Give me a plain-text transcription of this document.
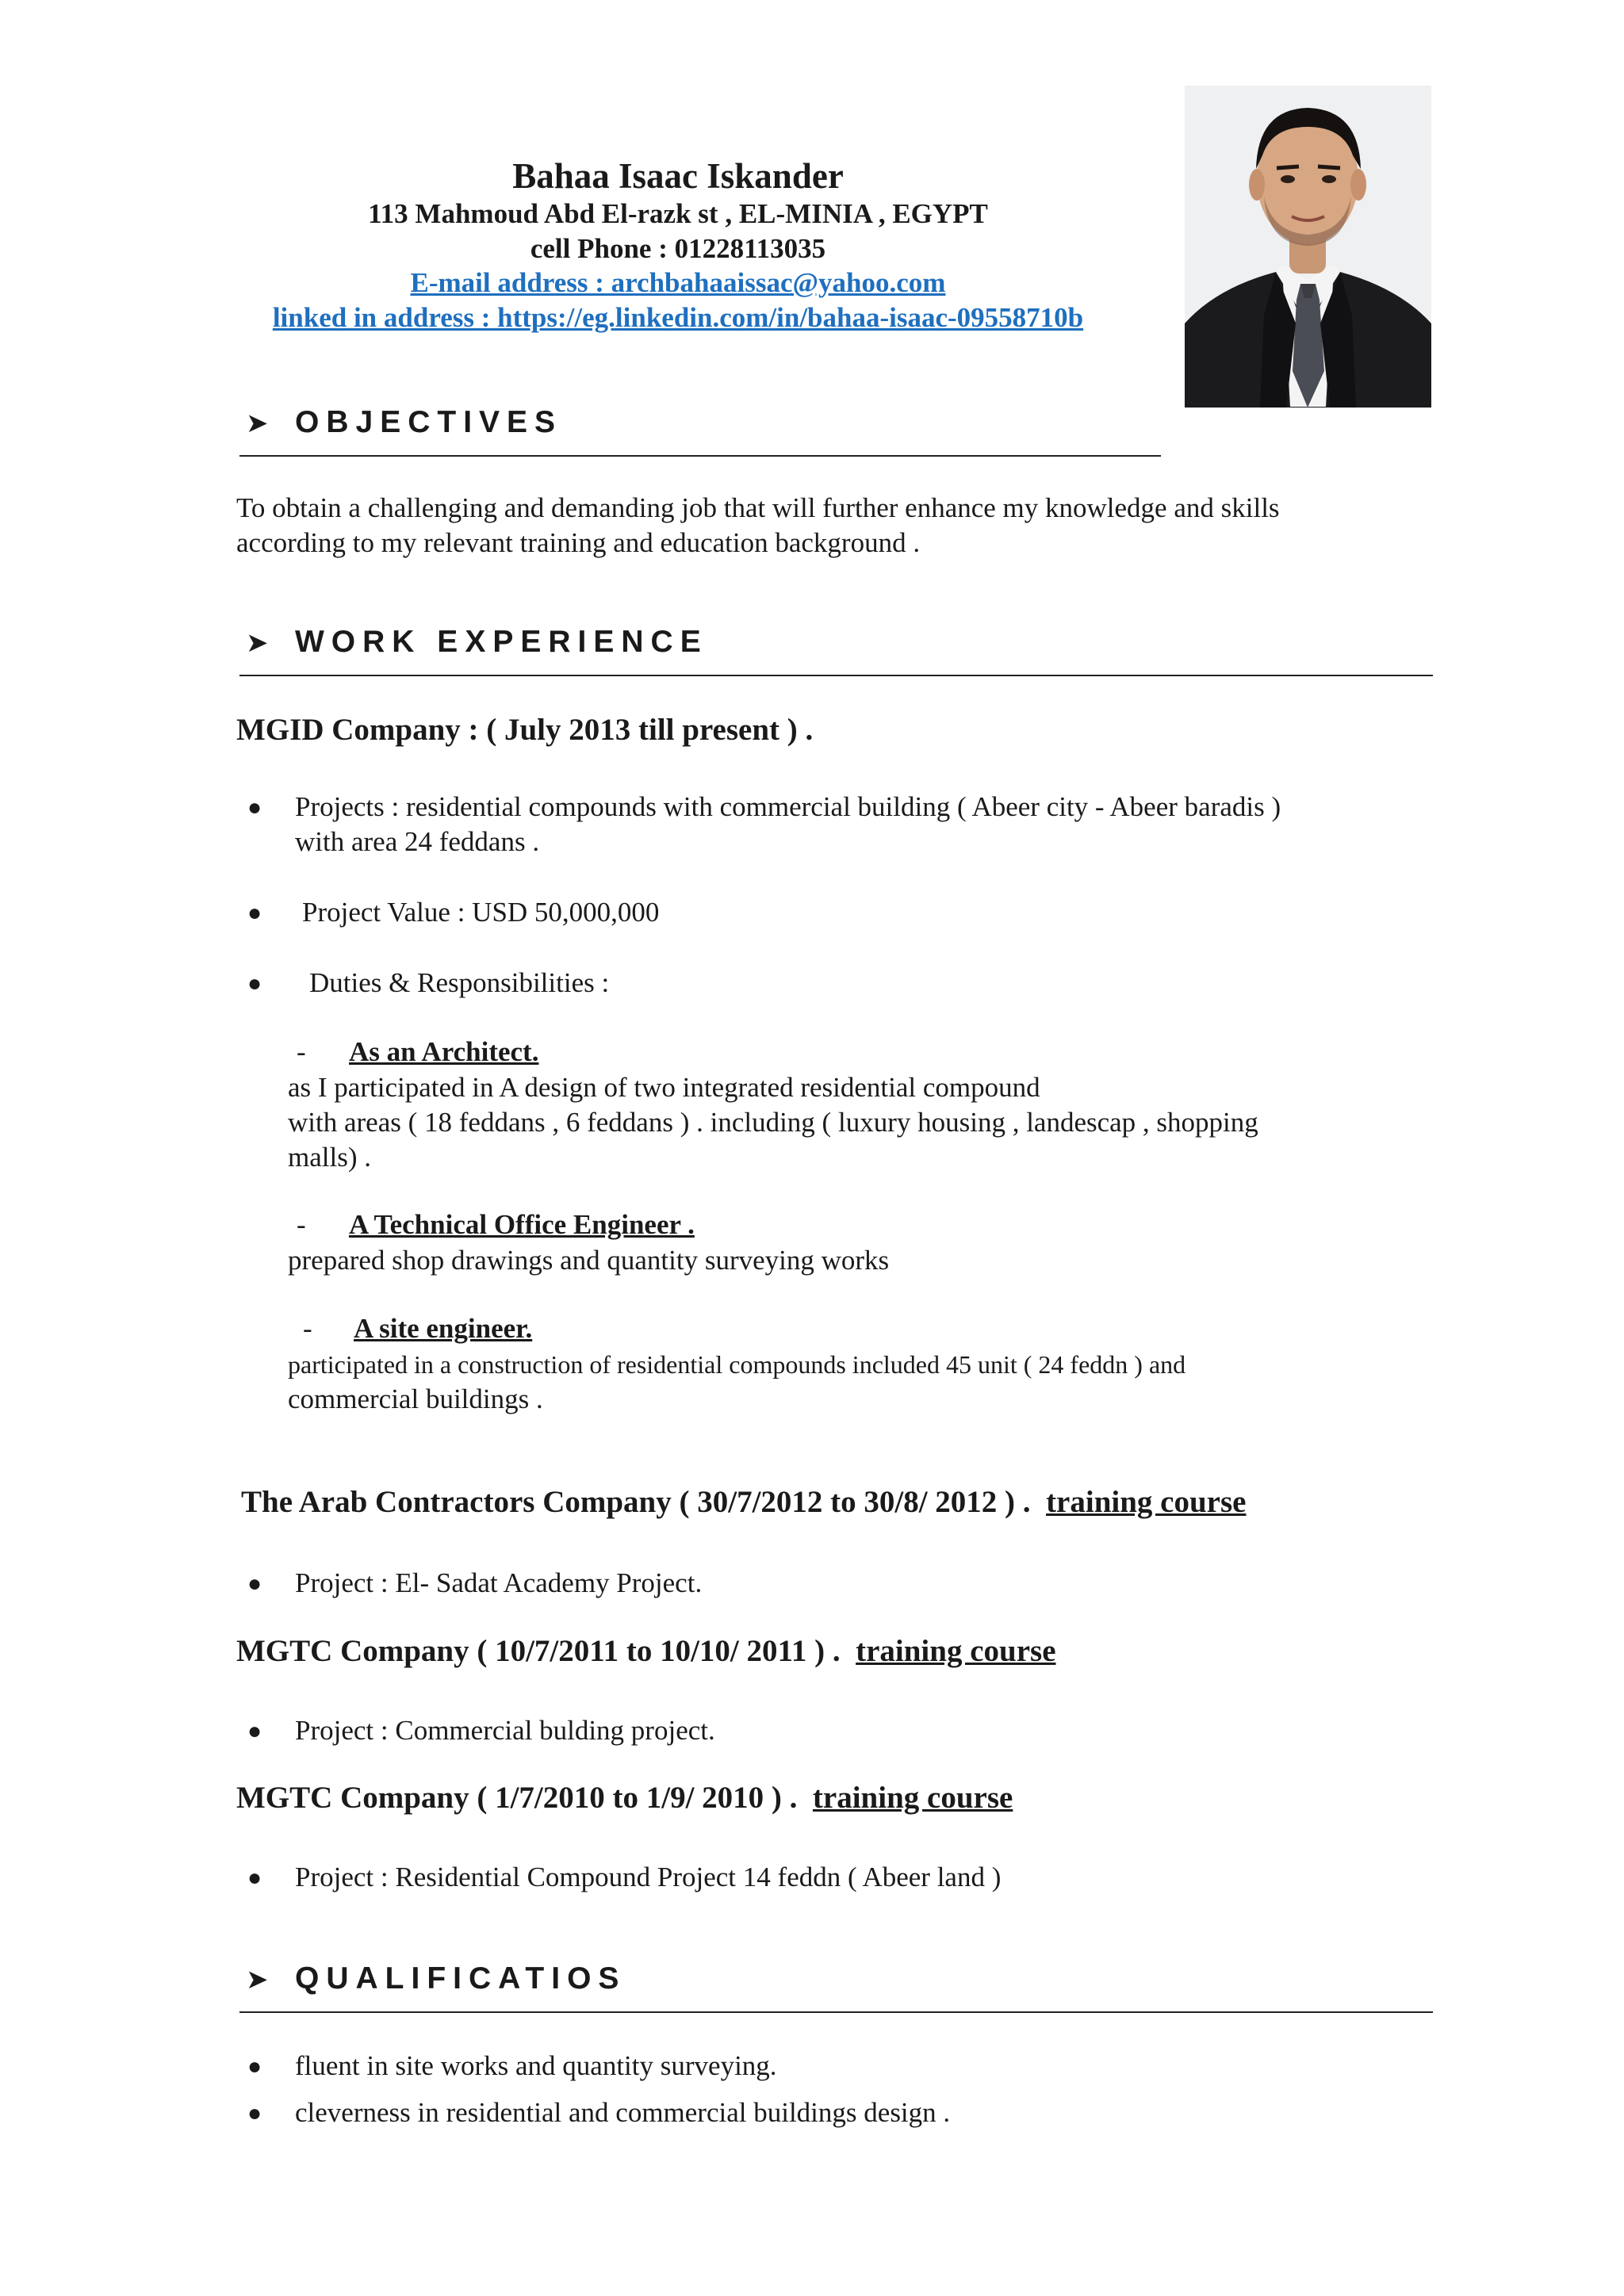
Bahaa Isaac Iskander
113 Mahmoud Abd El-razk st , EL-MINIA , EGYPT
cell Phone : 01228113035
E-mail address : archbahaaissac@yahoo.com
linked in address : https://eg.linkedin.com/in/bahaa-isaac-09558710b
➤ OBJECTIVES
To obtain a challenging and demanding job that will further enhance my knowledge and skills
according to my relevant training and education background .
➤ WORK EXPERIENCE
MGID Company : ( July 2013 till present ) .
● Projects : residential compounds with commercial building ( Abeer city - Abeer baradis )
with area 24 feddans .
● Project Value : USD 50,000,000
● Duties & Responsibilities :
- As an Architect.
as I participated in A design of two integrated residential compound
with areas ( 18 feddans , 6 feddans ) . including ( luxury housing , landescap , shopping
malls) .
- A Technical Office Engineer .
prepared shop drawings and quantity surveying works
- A site engineer.
participated in a construction of residential compounds included 45 unit ( 24 feddn ) and
commercial buildings .
The Arab Contractors Company ( 30/7/2012 to 30/8/ 2012 ) . training course
● Project : El- Sadat Academy Project.
MGTC Company ( 10/7/2011 to 10/10/ 2011 ) . training course
● Project : Commercial bulding project.
MGTC Company ( 1/7/2010 to 1/9/ 2010 ) . training course
● Project : Residential Compound Project 14 feddn ( Abeer land )
➤ QUALIFICATIOS
● fluent in site works and quantity surveying.
● cleverness in residential and commercial buildings design .
